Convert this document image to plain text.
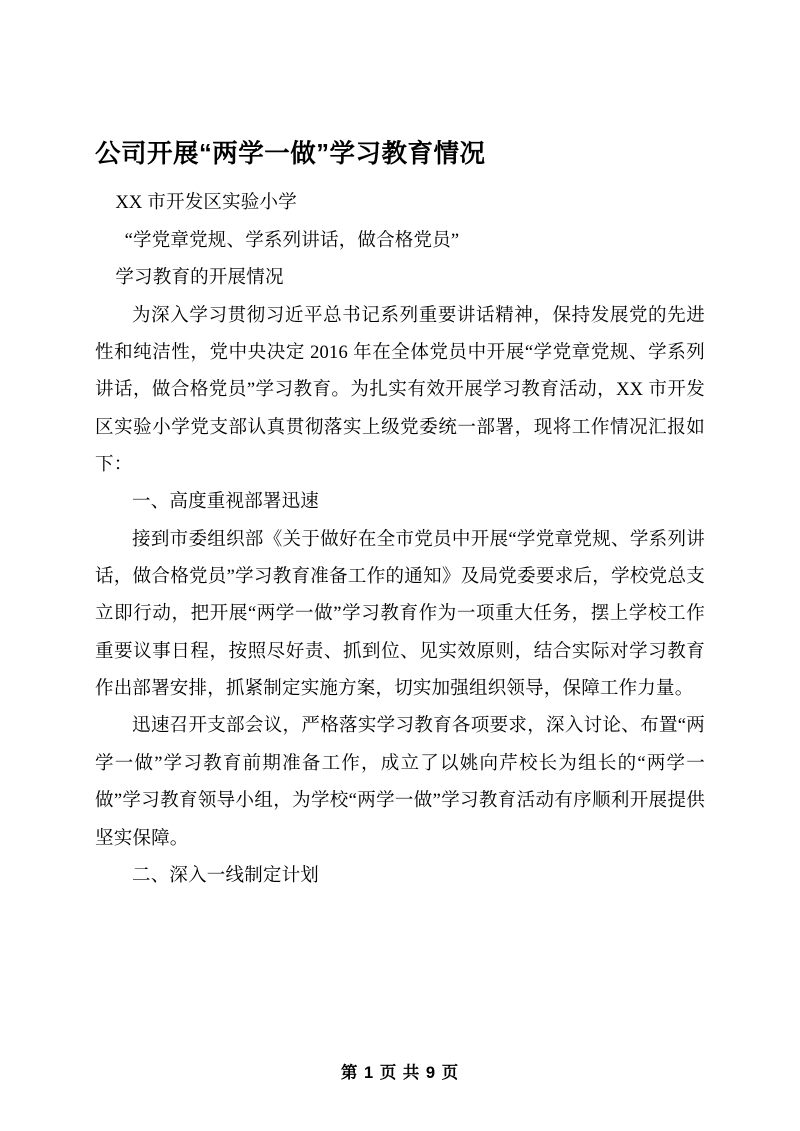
公司开展“两学一做”学习教育情况

XX 市开发区实验小学

“学党章党规、学系列讲话，做合格党员”

学习教育的开展情况

为深入学习贯彻习近平总书记系列重要讲话精神，保持发展党的先进性和纯洁性，党中央决定 2016 年在全体党员中开展“学党章党规、学系列讲话，做合格党员”学习教育。为扎实有效开展学习教育活动，XX 市开发区实验小学党支部认真贯彻落实上级党委统一部署，现将工作情况汇报如下：

一、高度重视部署迅速

接到市委组织部《关于做好在全市党员中开展“学党章党规、学系列讲话，做合格党员”学习教育准备工作的通知》及局党委要求后，学校党总支立即行动，把开展“两学一做”学习教育作为一项重大任务，摆上学校工作重要议事日程，按照尽好责、抓到位、见实效原则，结合实际对学习教育作出部署安排，抓紧制定实施方案，切实加强组织领导，保障工作力量。

迅速召开支部会议，严格落实学习教育各项要求，深入讨论、布置“两学一做”学习教育前期准备工作，成立了以姚向芹校长为组长的“两学一做”学习教育领导小组，为学校“两学一做”学习教育活动有序顺利开展提供坚实保障。

二、深入一线制定计划

第 1 页 共 9 页
